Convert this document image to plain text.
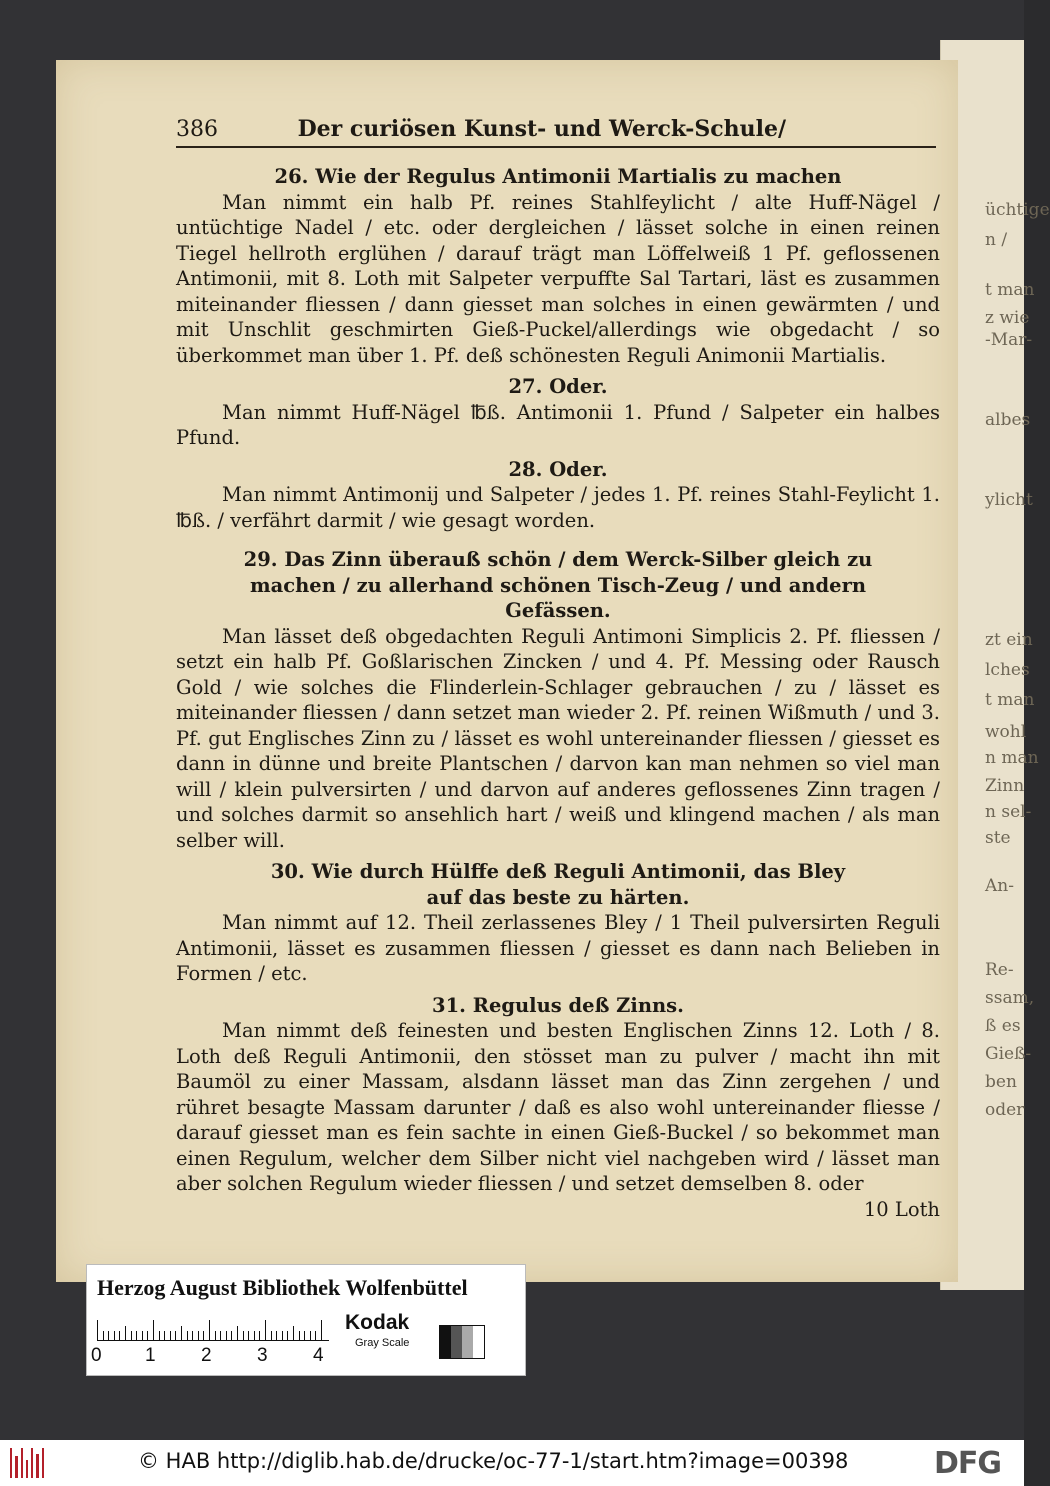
üchtige
n /
t man
z wie
-Mar-
albes
ylicht
zt ein
lches
t man
wohl
n man
Zinn
n sel-
ste
An-
Re-
ssam,
ß es
Gieß-
ben
oder
386	Der curiösen Kunst- und Werck-Schule/
26. Wie der Regulus Antimonii Martialis zu machen

Man nimmt ein halb Pf. reines Stahlfeylicht / alte Huff-Nägel / untüchtige Nadel / etc. oder dergleichen / lässet solche in einen reinen Tiegel hellroth erglühen / darauf trägt man Löffelweiß 1 Pf. geflossenen Antimonii, mit 8. Loth mit Salpeter verpuffte Sal Tartari, läst es zusammen miteinander fliessen / dann giesset man solches in einen gewärmten / und mit Unschlit geschmirten Gieß-Puckel/allerdings wie obgedacht / so überkommet man über 1. Pf. deß schönesten Reguli Animonii Martialis.

27. Oder.

Man nimmt Huff-Nägel ℔ß. Antimonii 1. Pfund / Salpeter ein halbes Pfund.

28. Oder.

Man nimmt Antimonij und Salpeter / jedes 1. Pf. reines Stahl-Feylicht 1. ℔ß. / verfährt darmit / wie gesagt worden.

29. Das Zinn überauß schön / dem Werck-Silber gleich zu machen / zu allerhand schönen Tisch-Zeug / und andern Gefässen.

Man lässet deß obgedachten Reguli Antimoni Simplicis 2. Pf. fliessen / setzt ein halb Pf. Goßlarischen Zincken / und 4. Pf. Messing oder Rausch Gold / wie solches die Flinderlein-Schlager gebrauchen / zu / lässet es miteinander fliessen / dann setzet man wieder 2. Pf. reinen Wißmuth / und 3. Pf. gut Englisches Zinn zu / lässet es wohl untereinander fliessen / giesset es dann in dünne und breite Plantschen / darvon kan man nehmen so viel man will / klein pulversirten / und darvon auf anderes geflossenes Zinn tragen / und solches darmit so ansehlich hart / weiß und klingend machen / als man selber will.

30. Wie durch Hülffe deß Reguli Antimonii, das Bley auf das beste zu härten.

Man nimmt auf 12. Theil zerlassenes Bley / 1 Theil pulversirten Reguli Antimonii, lässet es zusammen fliessen / giesset es dann nach Belieben in Formen / etc.

31. Regulus deß Zinns.

Man nimmt deß feinesten und besten Englischen Zinns 12. Loth / 8. Loth deß Reguli Antimonii, den stösset man zu pulver / macht ihn mit Baumöl zu einer Massam, alsdann lässet man das Zinn zergehen / und rühret besagte Massam darunter / daß es also wohl untereinander fliesse / darauf giesset man es fein sachte in einen Gieß-Buckel / so bekommet man einen Regulum, welcher dem Silber nicht viel nachgeben wird / lässet man aber solchen Regulum wieder fliessen / und setzet demselben 8. oder

10 Loth
Herzog August Bibliothek Wolfenbüttel
0 1 2 3 4
Kodak
Gray Scale
© HAB http://diglib.hab.de/drucke/oc-77-1/start.htm?image=00398	DFG
